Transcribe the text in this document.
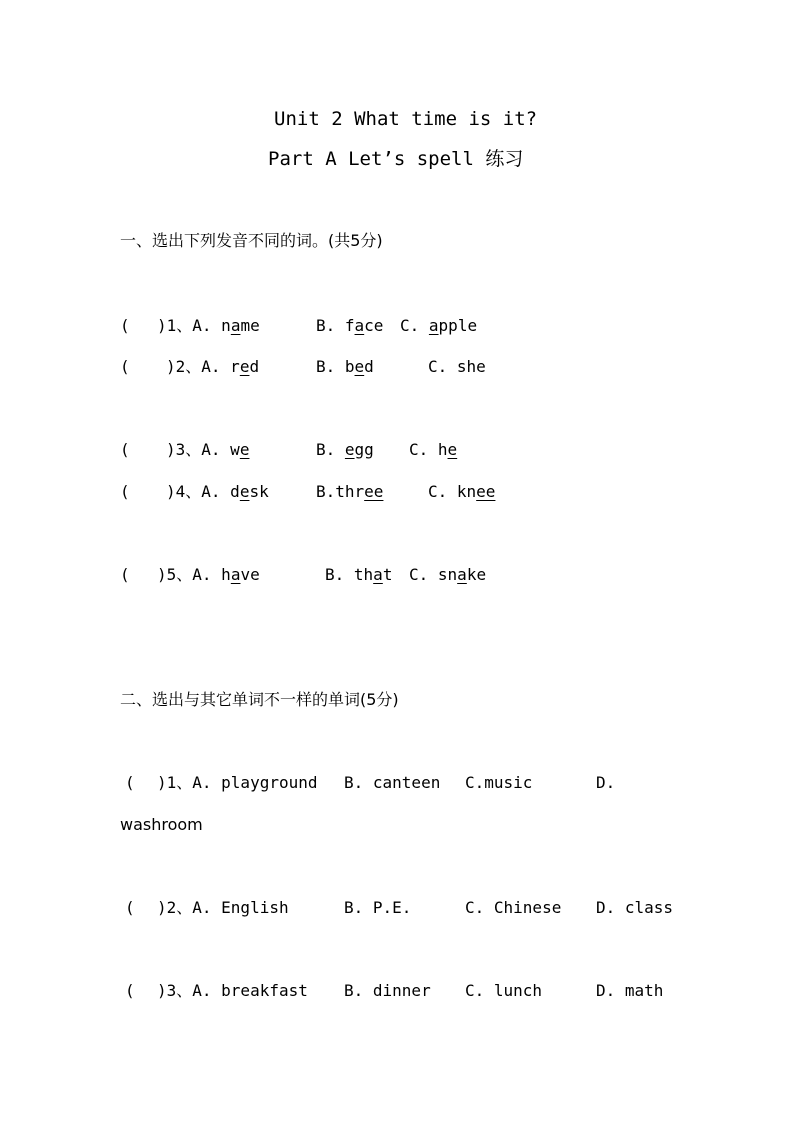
Unit 2 What time is it?
Part A Let’s spell 练习
一、选出下列发音不同的词。(共5分)
( )1、A. name	B. face C. apple
( )2、A. red	B. bed	C. she
( )3、A. we	B. egg C. he
( )4、A. desk	B.three	C. knee
( )5、A. have	B. that C. snake
二、选出与其它单词不一样的单词(5分)
( )1、A. playground B. canteen C.music	D.
washroom
( )2、A. English	B. P.E.	C. Chinese D. class
( )3、A. breakfast B. dinner C. lunch	D. math
